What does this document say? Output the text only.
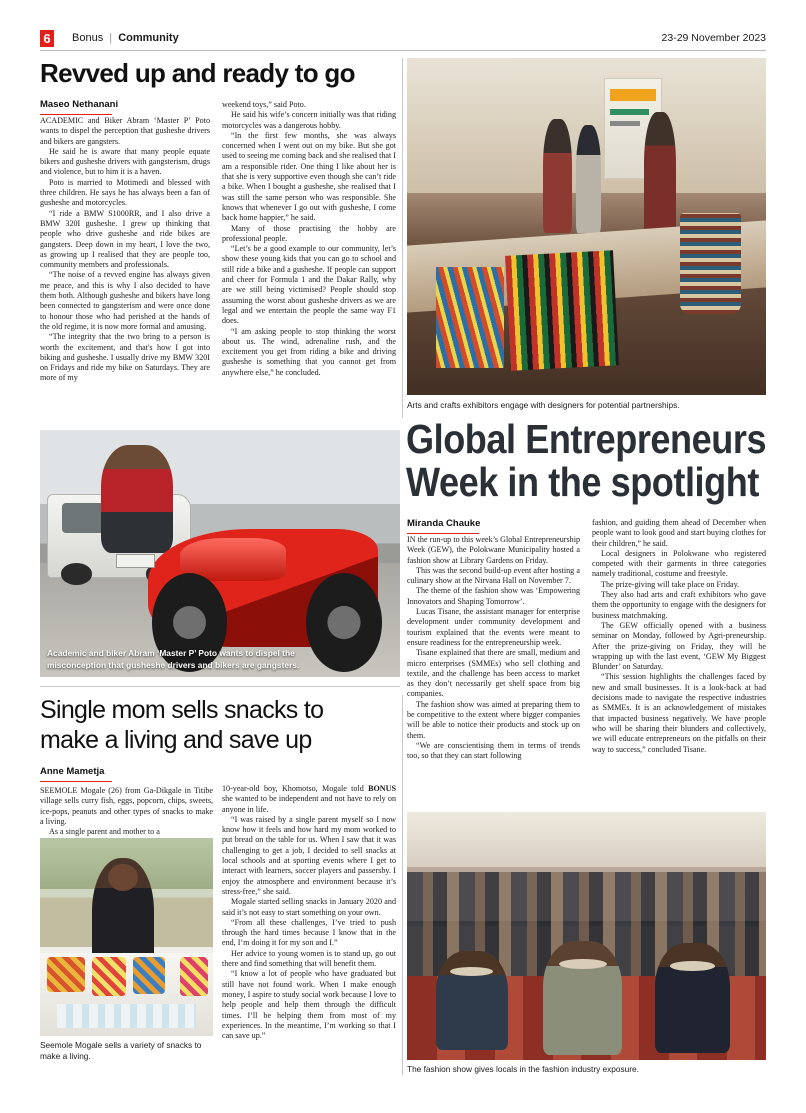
6 Bonus | Community	23-29 November 2023
Revved up and ready to go
Maseo Nethanani

ACADEMIC and Biker Abram ‘Master P’ Poto wants to dispel the perception that gusheshe drivers and bikers are gangsters.

He said he is aware that many people equate bikers and gusheshe drivers with gangsterism, drugs and violence, but to him it is a haven.

Poto is married to Motimedi and blessed with three children. He says he has always been a fan of gusheshe and motorcycles.

“I ride a BMW S1000RR, and I also drive a BMW 320I gusheshe. I grew up thinking that people who drive gusheshe and ride bikes are gangsters. Deep down in my heart, I love the two, as growing up I realised that they are people too, community members and professionals.

“The noise of a revved engine has always given me peace, and this is why I also decided to have them both. Although gusheshe and bikers have long been connected to gangsterism and were once done to honour those who had perished at the hands of the old regime, it is now more formal and amusing.

“The integrity that the two bring to a person is worth the excitement, and that's how I got into biking and gusheshe. I usually drive my BMW 320I on Fridays and ride my bike on Saturdays. They are more of my

weekend toys,” said Poto.

He said his wife’s concern initially was that riding motorcycles was a dangerous hobby.

“In the first few months, she was always concerned when I went out on my bike. But she got used to seeing me coming back and she realised that I am a responsible rider. One thing I like about her is that she is very supportive even though she can’t ride a bike. When I bought a gusheshe, she realised that I was still the same person who was responsible. She knows that whenever I go out with gusheshe, I come back home happier,” he said.

Many of those practising the hobby are professional people.

“Let’s be a good example to our community, let’s show these young kids that you can go to school and still ride a bike and a gusheshe. If people can support and cheer for Formula 1 and the Dakar Rally, why are we still being victimised? People should stop assuming the worst about gusheshe drivers as we are legal and we entertain the people the same way F1 does.

“I am asking people to stop thinking the worst about us. The wind, adrenaline rush, and the excitement you get from riding a bike and driving gusheshe is something that you cannot get from anywhere else,” he concluded.

Arts and crafts exhibitors engage with designers for potential partnerships.
Global Entrepreneurs
Week in the spotlight
Miranda Chauke

IN the run-up to this week’s Global Entrepreneurship Week (GEW), the Polokwane Municipality hosted a fashion show at Library Gardens on Friday.

This was the second build-up event after hosting a culinary show at the Nirvana Hall on November 7.

The theme of the fashion show was ‘Empowering Innovators and Shaping Tomorrow’.

Lucas Tisane, the assistant manager for enterprise development under community development and tourism explained that the events were meant to ensure readiness for the entrepreneurship week.

Tisane explained that there are small, medium and micro enterprises (SMMEs) who sell clothing and textile, and the challenge has been access to market as they don’t necessarily get shelf space from big companies.

The fashion show was aimed at preparing them to be competitive to the extent where bigger companies will be able to notice their products and stock up on them.

“We are conscientising them in terms of trends too, so that they can start following

fashion, and guiding them ahead of December when people want to look good and start buying clothes for their children,” he said.

Local designers in Polokwane who registered competed with their garments in three categories namely traditional, costume and freestyle.

The prize-giving will take place on Friday.

They also had arts and craft exhibitors who gave them the opportunity to engage with the designers for business matchmaking.

The GEW officially opened with a business seminar on Monday, followed by Agri-preneurship. After the prize-giving on Friday, they will be wrapping up with the last event, ‘GEW My Biggest Blunder’ on Saturday.

“This session highlights the challenges faced by new and small businesses. It is a look-back at bad decisions made to navigate the respective industries as SMMEs. It is an acknowledgement of mistakes that impacted business negatively. We have people who will be sharing their blunders and collectively, we will educate entrepreneurs on the pitfalls on their way to success,” concluded Tisane.

The fashion show gives locals in the fashion industry exposure.
Academic and biker Abram ‘Master P’ Poto wants to dispel the misconception that gusheshe drivers and bikers are gangsters.
Single mom sells snacks to
make a living and save up
Anne Mametja

SEEMOLE Mogale (26) from Ga-Dikgale in Titibe village sells curry fish, eggs, popcorn, chips, sweets, ice-pops, peanuts and other types of snacks to make a living.

As a single parent and mother to a

Seemole Mogale sells a variety of snacks to make a living.

10-year-old boy, Khomotso, Mogale told BONUS she wanted to be independent and not have to rely on anyone in life.

“I was raised by a single parent myself so I now know how it feels and how hard my mom worked to put bread on the table for us. When I saw that it was challenging to get a job, I decided to sell snacks at local schools and at sporting events where I get to interact with learners, soccer players and passersby. I enjoy the atmosphere and environment because it’s stress-free,” she said.

Mogale started selling snacks in January 2020 and said it’s not easy to start something on your own.

“From all these challenges, I’ve tried to push through the hard times because I know that in the end, I’m doing it for my son and I.”

Her advice to young women is to stand up, go out there and find something that will benefit them.

“I know a lot of people who have graduated but still have not found work. When I make enough money, I aspire to study social work because I love to help people and help them through the difficult times. I’ll be helping them from most of my experiences. In the meantime, I’m working so that I can save up.”
